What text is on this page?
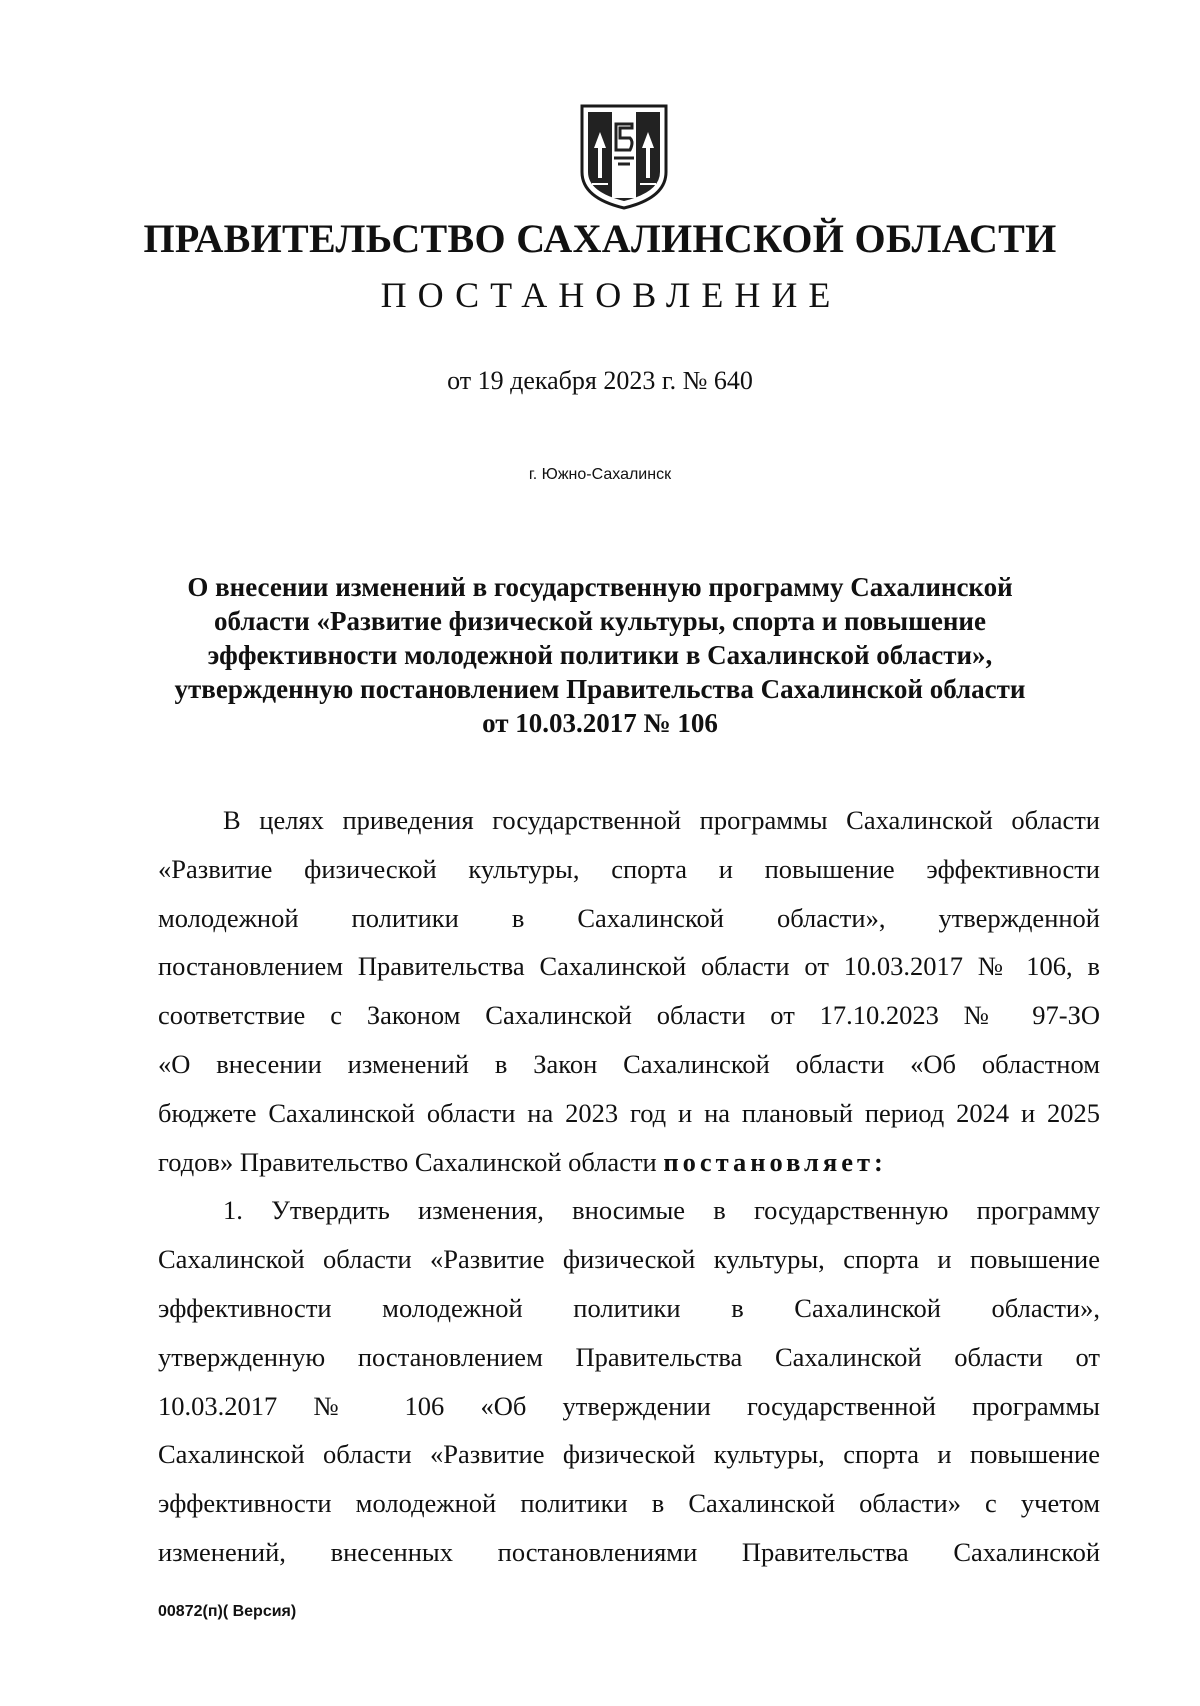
ПРАВИТЕЛЬСТВО САХАЛИНСКОЙ ОБЛАСТИ
ПОСТАНОВЛЕНИЕ
от 19 декабря 2023 г. № 640
г. Южно-Сахалинск
О внесении изменений в государственную программу Сахалинской
области «Развитие физической культуры, спорта и повышение
эффективности молодежной политики в Сахалинской области»,
утвержденную постановлением Правительства Сахалинской области
от 10.03.2017 № 106
В целях приведения государственной программы Сахалинской области
«Развитие физической культуры, спорта и повышение эффективности
молодежной политики в Сахалинской области», утвержденной
постановлением Правительства Сахалинской области от 10.03.2017 № 106, в
соответствие с Законом Сахалинской области от 17.10.2023 № 97-ЗО
«О внесении изменений в Закон Сахалинской области «Об областном
бюджете Сахалинской области на 2023 год и на плановый период 2024 и 2025
годов» Правительство Сахалинской области постановляет:
1. Утвердить изменения, вносимые в государственную программу
Сахалинской области «Развитие физической культуры, спорта и повышение
эффективности молодежной политики в Сахалинской области»,
утвержденную постановлением Правительства Сахалинской области от
10.03.2017 № 106 «Об утверждении государственной программы
Сахалинской области «Развитие физической культуры, спорта и повышение
эффективности молодежной политики в Сахалинской области» с учетом
изменений, внесенных постановлениями Правительства Сахалинской
00872(п)( Версия)
